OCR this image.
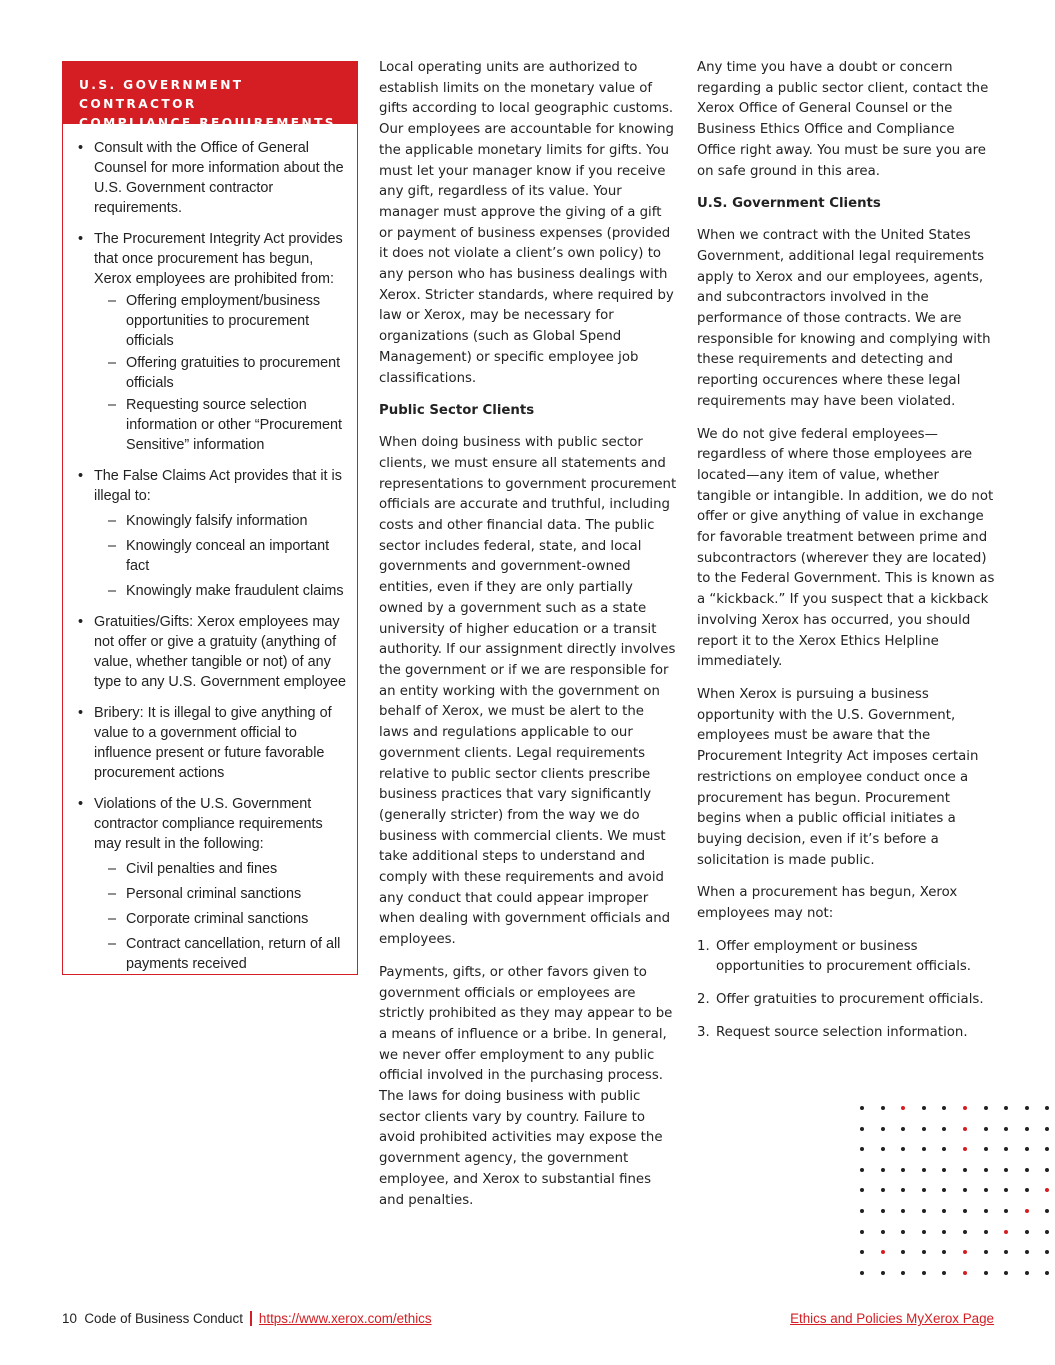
U.S. GOVERNMENT CONTRACTOR
COMPLIANCE REQUIREMENTS
• Consult with the Office of General Counsel for more information about the U.S. Government contractor requirements.
• The Procurement Integrity Act provides that once procurement has begun, Xerox employees are prohibited from:
– Offering employment/business opportunities to procurement officials
– Offering gratuities to procurement officials
– Requesting source selection information or other “Procurement Sensitive” information
• The False Claims Act provides that it is illegal to:
– Knowingly falsify information
– Knowingly conceal an important fact
– Knowingly make fraudulent claims
• Gratuities/Gifts: Xerox employees may not offer or give a gratuity (anything of value, whether tangible or not) of any type to any U.S. Government employee
• Bribery: It is illegal to give anything of value to a government official to influence present or future favorable procurement actions
• Violations of the U.S. Government contractor compliance requirements may result in the following:
– Civil penalties and fines
– Personal criminal sanctions
– Corporate criminal sanctions
– Contract cancellation, return of all payments received

Local operating units are authorized to establish limits on the monetary value of gifts according to local geographic customs. Our employees are accountable for knowing the applicable monetary limits for gifts. You must let your manager know if you receive any gift, regardless of its value. Your manager must approve the giving of a gift or payment of business expenses (provided it does not violate a client’s own policy) to any person who has business dealings with Xerox. Stricter standards, where required by law or Xerox, may be necessary for organizations (such as Global Spend Management) or specific employee job classifications.

Public Sector Clients

When doing business with public sector clients, we must ensure all statements and representations to government procurement officials are accurate and truthful, including costs and other financial data. The public sector includes federal, state, and local governments and government-owned entities, even if they are only partially owned by a government such as a state university of higher education or a transit authority. If our assignment directly involves the government or if we are responsible for an entity working with the government on behalf of Xerox, we must be alert to the laws and regulations applicable to our government clients. Legal requirements relative to public sector clients prescribe business practices that vary significantly (generally stricter) from the way we do business with commercial clients. We must take additional steps to understand and comply with these requirements and avoid any conduct that could appear improper when dealing with government officials and employees.

Payments, gifts, or other favors given to government officials or employees are strictly prohibited as they may appear to be a means of influence or a bribe. In general, we never offer employment to any public official involved in the purchasing process. The laws for doing business with public sector clients vary by country. Failure to avoid prohibited activities may expose the government agency, the government employee, and Xerox to substantial fines and penalties.

Any time you have a doubt or concern regarding a public sector client, contact the Xerox Office of General Counsel or the Business Ethics Office and Compliance Office right away. You must be sure you are on safe ground in this area.

U.S. Government Clients

When we contract with the United States Government, additional legal requirements apply to Xerox and our employees, agents, and subcontractors involved in the performance of those contracts. We are responsible for knowing and complying with these requirements and detecting and reporting occurences where these legal requirements may have been violated.

We do not give federal employees—regardless of where those employees are located—any item of value, whether tangible or intangible. In addition, we do not offer or give anything of value in exchange for favorable treatment between prime and subcontractors (wherever they are located) to the Federal Government. This is known as a “kickback.” If you suspect that a kickback involving Xerox has occurred, you should report it to the Xerox Ethics Helpline immediately.

When Xerox is pursuing a business opportunity with the U.S. Government, employees must be aware that the Procurement Integrity Act imposes certain restrictions on employee conduct once a procurement has begun. Procurement begins when a public official initiates a buying decision, even if it’s before a solicitation is made public.

When a procurement has begun, Xerox employees may not:

1. Offer employment or business opportunities to procurement officials.
2. Offer gratuities to procurement officials.
3. Request source selection information.
10 Code of Business Conduct https://www.xerox.com/ethics	Ethics and Policies MyXerox Page
